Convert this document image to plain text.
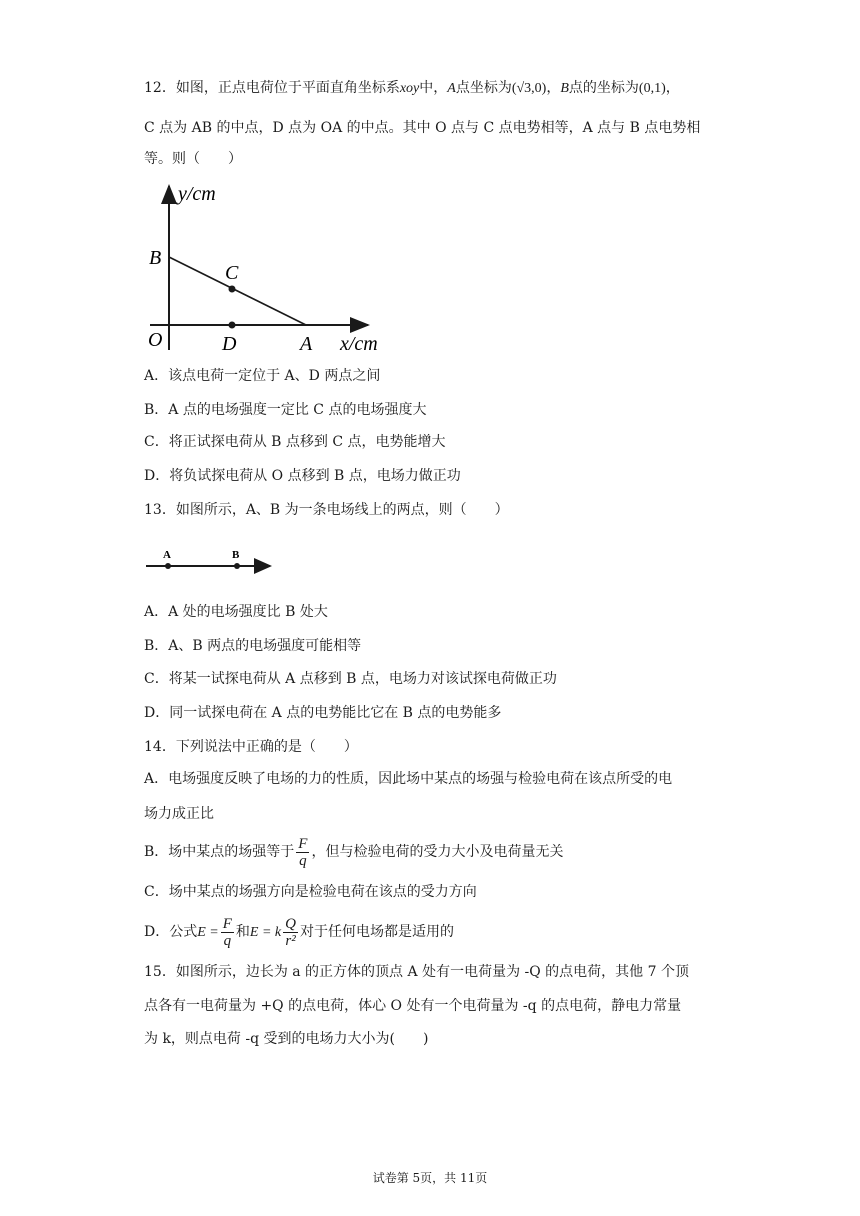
12．如图，正点电荷位于平面直角坐标系xoy中，A点坐标为(√3,0)，B点的坐标为(0,1)，
C 点为 AB 的中点，D 点为 OA 的中点。其中 O 点与 C 点电势相等，A 点与 B 点电势相
等。则（　　）
y/cm
B
C
O	D	A x/cm
A．该点电荷一定位于 A、D 两点之间
B．A 点的电场强度一定比 C 点的电场强度大
C．将正试探电荷从 B 点移到 C 点，电势能增大
D．将负试探电荷从 O 点移到 B 点，电场力做正功
13．如图所示，A、B 为一条电场线上的两点，则（　　）
A	B
A．A 处的电场强度比 B 处大
B．A、B 两点的电场强度可能相等
C．将某一试探电荷从 A 点移到 B 点，电场力对该试探电荷做正功
D．同一试探电荷在 A 点的电势能比它在 B 点的电势能多
14．下列说法中正确的是（　　）
A．电场强度反映了电场的力的性质，因此场中某点的场强与检验电荷在该点所受的电
场力成正比
B．场中某点的场强等于 $\frac{F}{q}$ ，但与检验电荷的受力大小及电荷量无关
C．场中某点的场强方向是检验电荷在该点的受力方向
D．公式$E = \frac{F}{q}$ 和E = k $\frac{Q}{\text{r²}}$ 对于任何电场都是适用的
15．如图所示，边长为 a 的正方体的顶点 A 处有一电荷量为 -Q 的点电荷，其他 7 个顶
点各有一电荷量为 +Q 的点电荷，体心 O 处有一个电荷量为 -q 的点电荷，静电力常量
为 k，则点电荷 -q 受到的电场力大小为(　　)
试卷第 5页，共 11页
